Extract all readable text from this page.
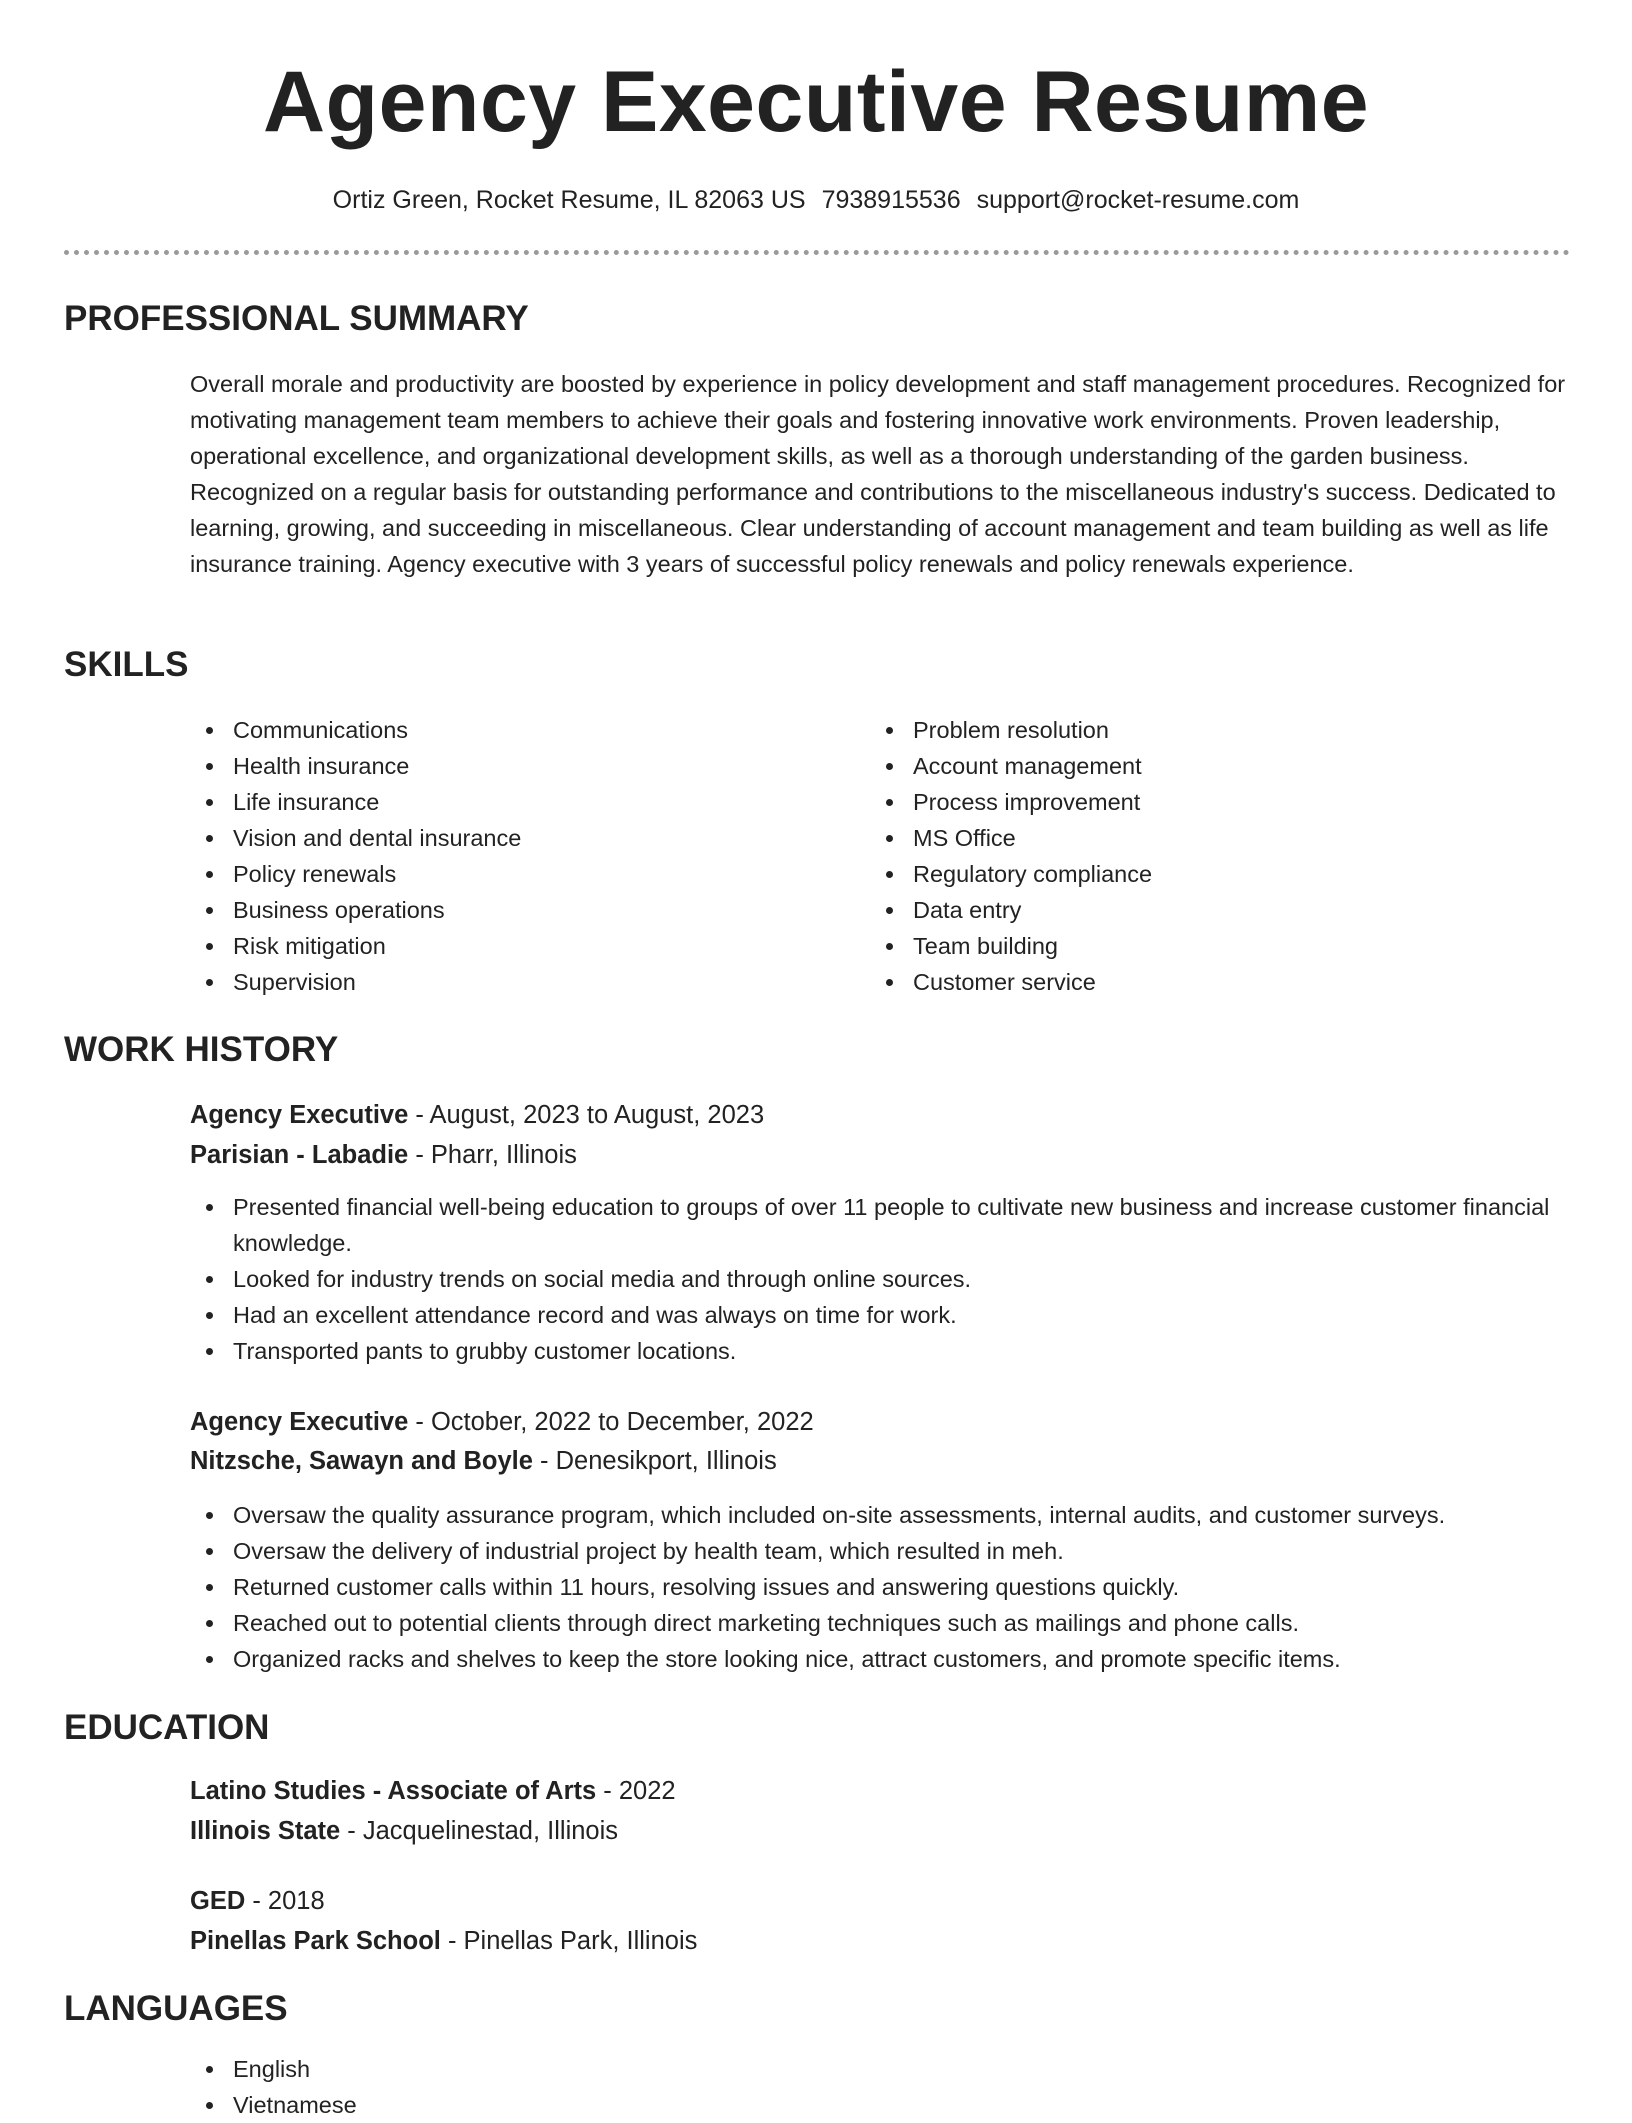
Agency Executive Resume
Ortiz Green, Rocket Resume, IL 82063 US 7938915536 support@rocket-resume.com
PROFESSIONAL SUMMARY
Overall morale and productivity are boosted by experience in policy development and staff management procedures. Recognized for motivating management team members to achieve their goals and fostering innovative work environments. Proven leadership, operational excellence, and organizational development skills, as well as a thorough understanding of the garden business. Recognized on a regular basis for outstanding performance and contributions to the miscellaneous industry's success. Dedicated to learning, growing, and succeeding in miscellaneous. Clear understanding of account management and team building as well as life insurance training. Agency executive with 3 years of successful policy renewals and policy renewals experience.
SKILLS
Communications
Health insurance
Life insurance
Vision and dental insurance
Policy renewals
Business operations
Risk mitigation
Supervision
Problem resolution
Account management
Process improvement
MS Office
Regulatory compliance
Data entry
Team building
Customer service
WORK HISTORY
Agency Executive - August, 2023 to August, 2023
Parisian - Labadie - Pharr, Illinois
Presented financial well-being education to groups of over 11 people to cultivate new business and increase customer financial knowledge.
Looked for industry trends on social media and through online sources.
Had an excellent attendance record and was always on time for work.
Transported pants to grubby customer locations.
Agency Executive - October, 2022 to December, 2022
Nitzsche, Sawayn and Boyle - Denesikport, Illinois
Oversaw the quality assurance program, which included on-site assessments, internal audits, and customer surveys.
Oversaw the delivery of industrial project by health team, which resulted in meh.
Returned customer calls within 11 hours, resolving issues and answering questions quickly.
Reached out to potential clients through direct marketing techniques such as mailings and phone calls.
Organized racks and shelves to keep the store looking nice, attract customers, and promote specific items.
EDUCATION
Latino Studies - Associate of Arts - 2022
Illinois State - Jacquelinestad, Illinois
GED - 2018
Pinellas Park School - Pinellas Park, Illinois
LANGUAGES
English
Vietnamese
